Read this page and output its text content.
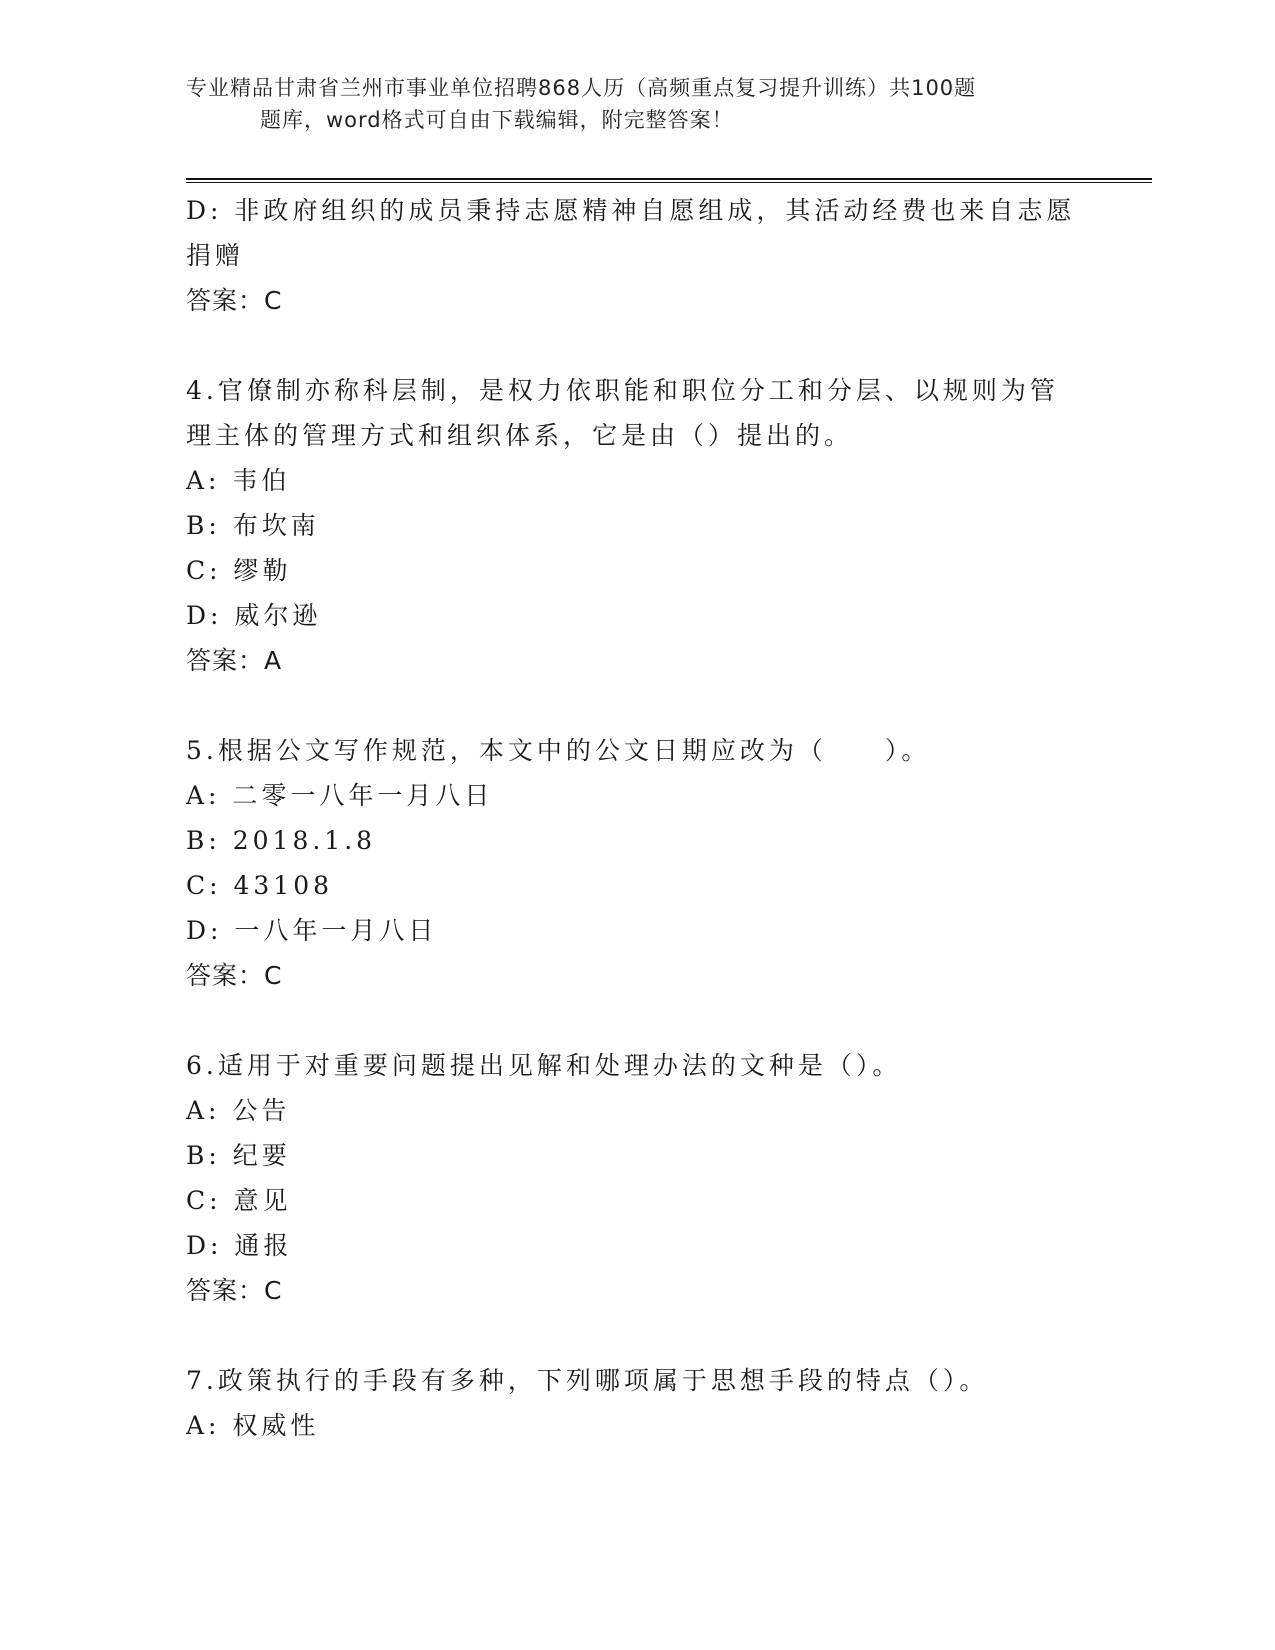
专业精品甘肃省兰州市事业单位招聘868人历（高频重点复习提升训练）共100题
题库，word格式可自由下载编辑，附完整答案！
D: 非政府组织的成员秉持志愿精神自愿组成，其活动经费也来自志愿
捐赠
答案：C
4.官僚制亦称科层制，是权力依职能和职位分工和分层、以规则为管
理主体的管理方式和组织体系，它是由（）提出的。
A: 韦伯
B: 布坎南
C: 缪勒
D: 威尔逊
答案：A
5.根据公文写作规范，本文中的公文日期应改为（　　）。
A: 二零一八年一月八日
B: 2018.1.8
C: 43108
D: 一八年一月八日
答案：C
6.适用于对重要问题提出见解和处理办法的文种是（）。
A: 公告
B: 纪要
C: 意见
D: 通报
答案：C
7.政策执行的手段有多种，下列哪项属于思想手段的特点（）。
A: 权威性
